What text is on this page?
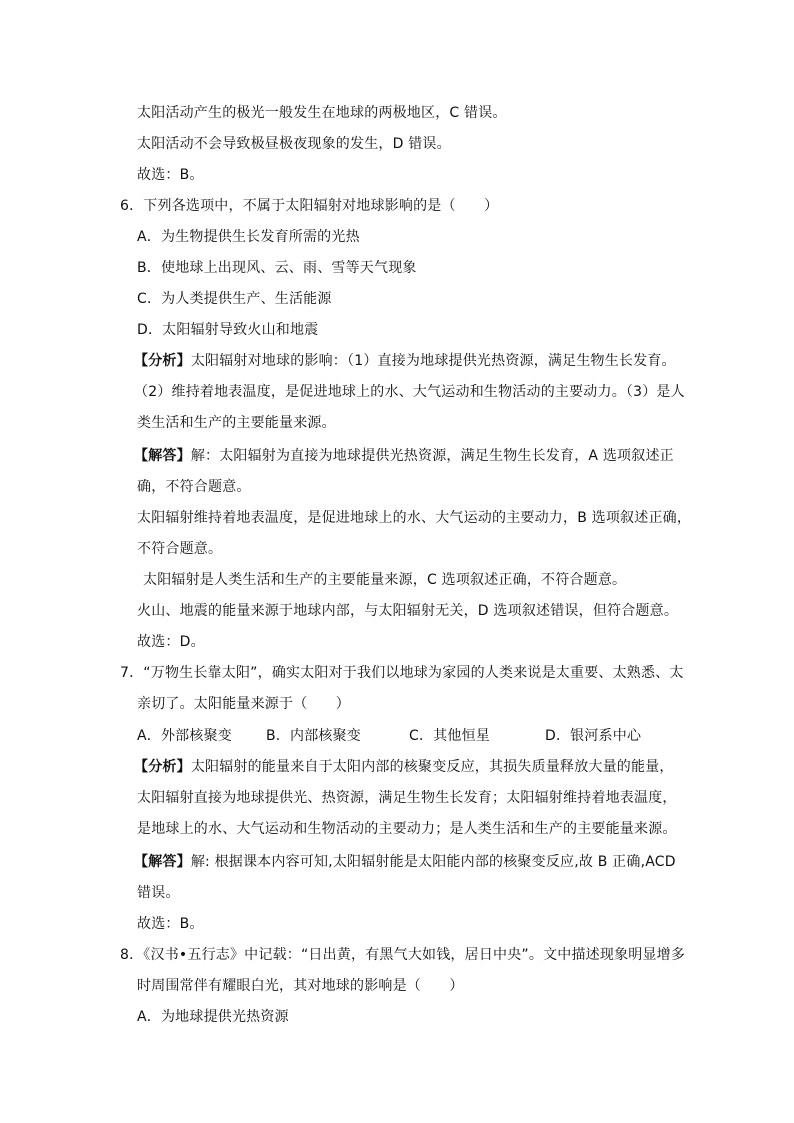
太阳活动产生的极光一般发生在地球的两极地区，C 错误。
太阳活动不会导致极昼极夜现象的发生，D 错误。
故选：B。
6．下列各选项中，不属于太阳辐射对地球影响的是（　　）
A．为生物提供生长发育所需的光热
B．使地球上出现风、云、雨、雪等天气现象
C．为人类提供生产、生活能源
D．太阳辐射导致火山和地震
【分析】太阳辐射对地球的影响：（1）直接为地球提供光热资源，满足生物生长发育。
（2）维持着地表温度，是促进地球上的水、大气运动和生物活动的主要动力。（3）是人
类生活和生产的主要能量来源。
【解答】解：太阳辐射为直接为地球提供光热资源，满足生物生长发育，A 选项叙述正
确，不符合题意。
太阳辐射维持着地表温度，是促进地球上的水、大气运动的主要动力，B 选项叙述正确，
不符合题意。
太阳辐射是人类生活和生产的主要能量来源，C 选项叙述正确，不符合题意。
火山、地震的能量来源于地球内部，与太阳辐射无关，D 选项叙述错误，但符合题意。
故选：D。
7．“万物生长靠太阳”，确实太阳对于我们以地球为家园的人类来说是太重要、太熟悉、太
亲切了。太阳能量来源于（　　）
A．外部核聚变 B．内部核聚变	C．其他恒星	D．银河系中心
【分析】太阳辐射的能量来自于太阳内部的核聚变反应，其损失质量释放大量的能量，
太阳辐射直接为地球提供光、热资源，满足生物生长发育；太阳辐射维持着地表温度，
是地球上的水、大气运动和生物活动的主要动力；是人类生活和生产的主要能量来源。
【解答】解: 根据课本内容可知,太阳辐射能是太阳能内部的核聚变反应,故 B 正确,ACD
错误。
故选：B。
8．《汉书•五行志》中记载：“日出黄，有黑气大如钱，居日中央”。文中描述现象明显增多
时周围常伴有耀眼白光，其对地球的影响是（　　）
A．为地球提供光热资源
